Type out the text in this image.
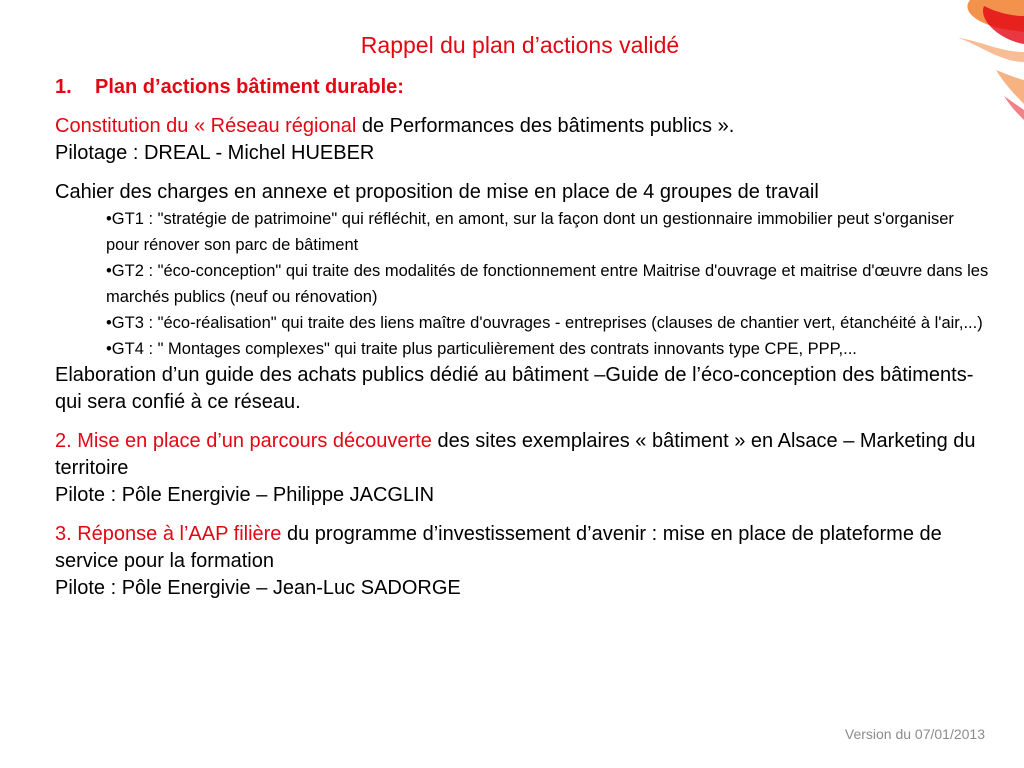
Rappel du plan d’actions validé
1.	Plan d’actions bâtiment durable:

Constitution du « Réseau régional de Performances des bâtiments publics ».

Pilotage : DREAL - Michel HUEBER

Cahier des charges en annexe et proposition de mise en place de 4 groupes de travail

•GT1 : "stratégie de patrimoine" qui réfléchit, en amont, sur la façon dont un gestionnaire immobilier peut s'organiser pour rénover son parc de bâtiment
•GT2 : "éco-conception" qui traite des modalités de fonctionnement entre Maitrise d'ouvrage et maitrise d'œuvre dans les marchés publics (neuf ou rénovation)
•GT3 : "éco-réalisation" qui traite des liens maître d'ouvrages - entreprises (clauses de chantier vert, étanchéité à l'air,...)
•GT4 : " Montages complexes" qui traite plus particulièrement des contrats innovants type CPE, PPP,...

Elaboration d’un guide des achats publics dédié au bâtiment –Guide de l’éco-conception des bâtiments- qui sera confié à ce réseau.

2. Mise en place d’un parcours découverte des sites exemplaires « bâtiment » en Alsace – Marketing du territoire

Pilote : Pôle Energivie – Philippe JACGLIN

3. Réponse à l’AAP filière du programme d’investissement d’avenir : mise en place de plateforme de service pour la formation

Pilote : Pôle Energivie – Jean-Luc SADORGE

Version du 07/01/2013
